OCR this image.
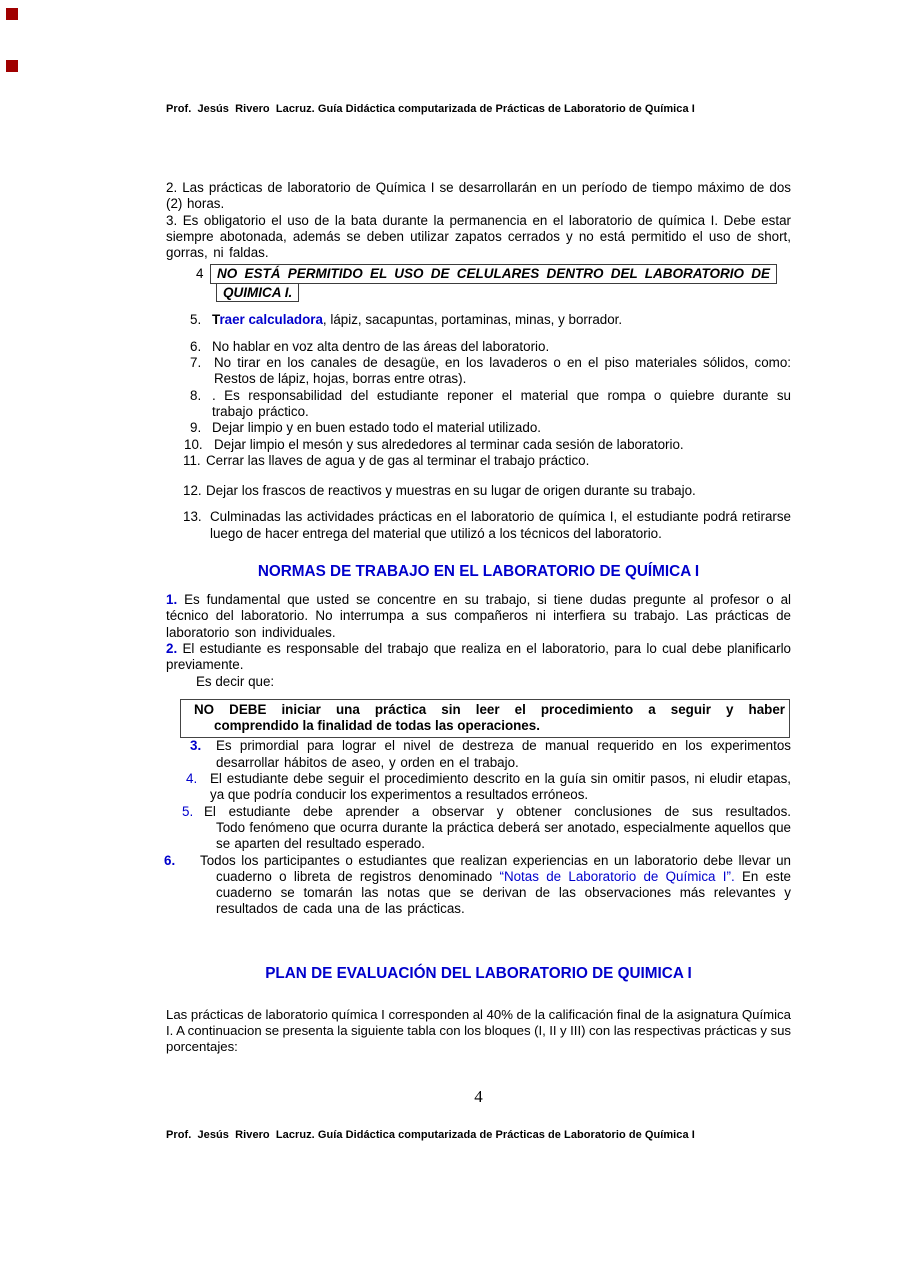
Prof.  Jesús  Rivero  Lacruz. Guía Didáctica computarizada de Prácticas de Laboratorio de Química I
2. Las prácticas de laboratorio de Química I se desarrollarán en un período de tiempo máximo de dos (2) horas.
3. Es obligatorio el uso de la bata durante la permanencia en el laboratorio de química I. Debe estar siempre abotonada, además se deben utilizar zapatos cerrados y no está permitido el uso de short, gorras, ni faldas.
4 NO ESTÁ PERMITIDO EL USO DE CELULARES DENTRO DEL LABORATORIO DE
QUIMICA I.
5. Traer calculadora, lápiz, sacapuntas, portaminas, minas, y borrador.
6. No hablar en voz alta dentro de las áreas del laboratorio.
7. No tirar en los canales de desagüe, en los lavaderos o en el piso materiales sólidos, como: Restos de lápiz, hojas, borras entre otras).
8. . Es responsabilidad del estudiante reponer el material que rompa o quiebre durante su trabajo práctico.
9. Dejar limpio y en buen estado todo el material utilizado.
10. Dejar limpio el mesón y sus alrededores al terminar cada sesión de laboratorio.
11. Cerrar las llaves de agua y de gas al terminar el trabajo práctico.
12. Dejar los frascos de reactivos y muestras en su lugar de origen durante su trabajo.
13. Culminadas las actividades prácticas en el laboratorio de química I, el estudiante podrá retirarse luego de hacer entrega del material que utilizó a los técnicos del laboratorio.
NORMAS DE TRABAJO EN EL LABORATORIO DE QUÍMICA I
1. Es fundamental que usted se concentre en su trabajo, si tiene dudas pregunte al profesor o al técnico del laboratorio. No interrumpa a sus compañeros ni interfiera su trabajo. Las prácticas de laboratorio son individuales.
2. El estudiante es responsable del trabajo que realiza en el laboratorio, para lo cual debe planificarlo previamente.
Es decir que:
NO DEBE iniciar una práctica sin leer el procedimiento a seguir y haber
comprendido la finalidad de todas las operaciones.
3. Es primordial para lograr el nivel de destreza de manual requerido en los experimentos desarrollar hábitos de aseo, y orden en el trabajo.
4. El estudiante debe seguir el procedimiento descrito en la guía sin omitir pasos, ni eludir etapas, ya que podría conducir los experimentos a resultados erróneos.
5. El estudiante debe aprender a observar y obtener conclusiones de sus resultados.
Todo fenómeno que ocurra durante la práctica deberá ser anotado, especialmente aquellos que se aparten del resultado esperado.
6.	Todos los participantes o estudiantes que realizan experiencias en un laboratorio debe llevar un cuaderno o libreta de registros denominado “Notas de Laboratorio de Química I”. En este cuaderno se tomarán las notas que se derivan de las observaciones más relevantes y resultados de cada una de las prácticas.
PLAN DE EVALUACIÓN DEL LABORATORIO DE QUIMICA I
Las prácticas de laboratorio química I corresponden al 40% de la calificación final de la asignatura Química I. A continuacion se presenta la siguiente tabla con los bloques (I, II y III) con las respectivas prácticas y sus porcentajes:
4
Prof.  Jesús  Rivero  Lacruz. Guía Didáctica computarizada de Prácticas de Laboratorio de Química I
